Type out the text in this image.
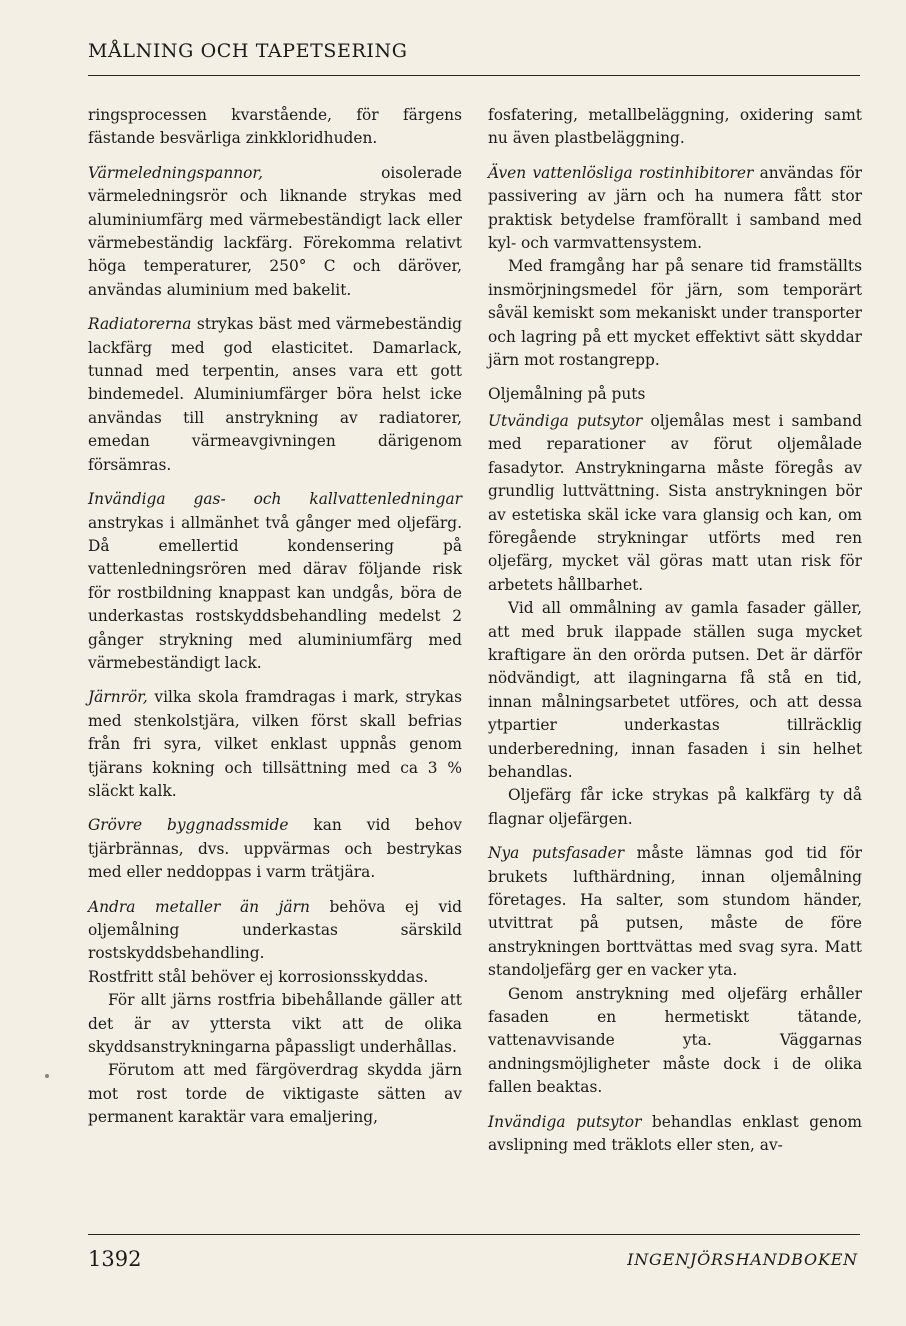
MÅLNING OCH TAPETSERING

ringsprocessen kvarstående, för färgens fästande besvärliga zinkkloridhuden.

Värmeledningspannor, oisolerade värmeledningsrör och liknande strykas med aluminiumfärg med värmebeständigt lack eller värmebeständig lackfärg. Förekomma relativt höga temperaturer, 250° C och däröver, användas aluminium med bakelit.

Radiatorerna strykas bäst med värmebeständig lackfärg med god elasticitet. Damarlack, tunnad med terpentin, anses vara ett gott bindemedel. Aluminiumfärger böra helst icke användas till anstrykning av radiatorer, emedan värmeavgivningen därigenom försämras.

Invändiga gas- och kallvattenledningar anstrykas i allmänhet två gånger med oljefärg. Då emellertid kondensering på vattenledningsrören med därav följande risk för rostbildning knappast kan undgås, böra de underkastas rostskyddsbehandling medelst 2 gånger strykning med aluminiumfärg med värmebeständigt lack.

Järnrör, vilka skola framdragas i mark, strykas med stenkolstjära, vilken först skall befrias från fri syra, vilket enklast uppnås genom tjärans kokning och tillsättning med ca 3 % släckt kalk.

Grövre byggnadssmide kan vid behov tjärbrännas, dvs. uppvärmas och bestrykas med eller neddoppas i varm trätjära.

Andra metaller än järn behöva ej vid oljemålning underkastas särskild rostskyddsbehandling.

Rostfritt stål behöver ej korrosionsskyddas.

För allt järns rostfria bibehållande gäller att det är av yttersta vikt att de olika skyddsanstrykningarna påpassligt underhållas.

Förutom att med färgöverdrag skydda järn mot rost torde de viktigaste sätten av permanent karaktär vara emaljering,

fosfatering, metallbeläggning, oxidering samt nu även plastbeläggning.

Även vattenlösliga rostinhibitorer användas för passivering av järn och ha numera fått stor praktisk betydelse framförallt i samband med kyl- och varmvattensystem.

Med framgång har på senare tid framställts insmörjningsmedel för järn, som temporärt såväl kemiskt som mekaniskt under transporter och lagring på ett mycket effektivt sätt skyddar järn mot rostangrepp.

Oljemålning på puts

Utvändiga putsytor oljemålas mest i samband med reparationer av förut oljemålade fasadytor. Anstrykningarna måste föregås av grundlig luttvättning. Sista anstrykningen bör av estetiska skäl icke vara glansig och kan, om föregående strykningar utförts med ren oljefärg, mycket väl göras matt utan risk för arbetets hållbarhet.

Vid all ommålning av gamla fasader gäller, att med bruk ilappade ställen suga mycket kraftigare än den orörda putsen. Det är därför nödvändigt, att ilagningarna få stå en tid, innan målningsarbetet utföres, och att dessa ytpartier underkastas tillräcklig underberedning, innan fasaden i sin helhet behandlas.

Oljefärg får icke strykas på kalkfärg ty då flagnar oljefärgen.

Nya putsfasader måste lämnas god tid för brukets lufthärdning, innan oljemålning företages. Ha salter, som stundom händer, utvittrat på putsen, måste de före anstrykningen borttvättas med svag syra. Matt standoljefärg ger en vacker yta.

Genom anstrykning med oljefärg erhåller fasaden en hermetiskt tätande, vattenavvisande yta. Väggarnas andningsmöjligheter måste dock i de olika fallen beaktas.

Invändiga putsytor behandlas enklast genom avslipning med träklots eller sten, av-

1392	INGENJÖRSHANDBOKEN
